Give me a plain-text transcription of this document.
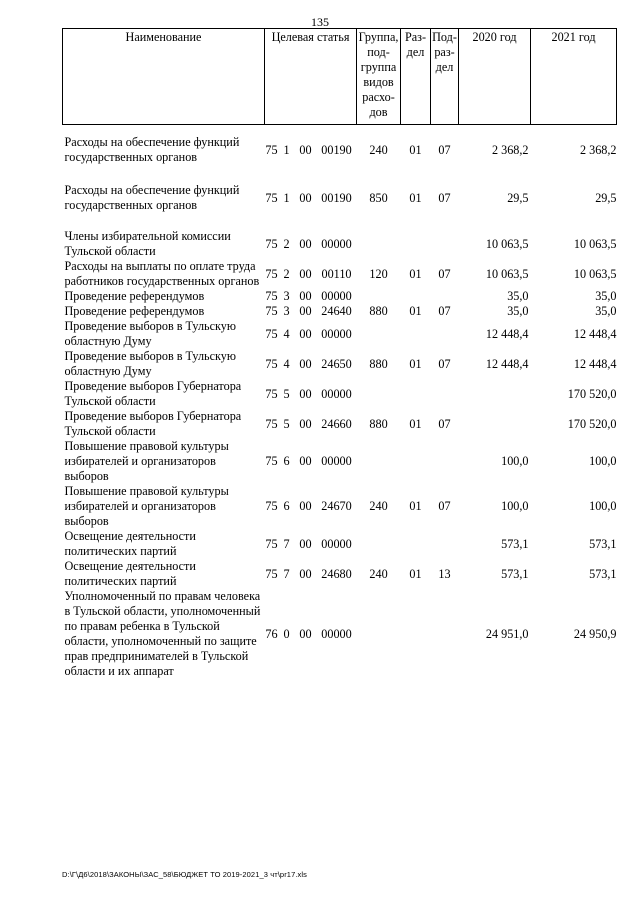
135
Наименование	Целевая статья				Группа, под-группа видов расхо-дов	Раз-дел	Под-раз-дел	2020 год	2021 год

Расходы на обеспечение функций государственных органов	75	1	00	00190	240	01	07	2 368,2	2 368,2

Расходы на обеспечение функций государственных органов	75	1	00	00190	850	01	07	29,5	29,5

Члены избирательной комиссии Тульской области	75	2	00	00000				10 063,5	10 063,5
Расходы на выплаты по оплате труда работников государственных органов	75	2	00	00110	120	01	07	10 063,5	10 063,5
Проведение референдумов	75	3	00	00000				35,0	35,0
Проведение референдумов	75	3	00	24640	880	01	07	35,0	35,0
Проведение выборов в Тульскую областную Думу	75	4	00	00000				12 448,4	12 448,4
Проведение выборов в Тульскую областную Думу	75	4	00	24650	880	01	07	12 448,4	12 448,4
Проведение выборов Губернатора Тульской области	75	5	00	00000					170 520,0
Проведение выборов Губернатора Тульской области	75	5	00	24660	880	01	07		170 520,0
Повышение правовой культуры избирателей и организаторов выборов	75	6	00	00000				100,0	100,0
Повышение правовой культуры избирателей и организаторов выборов	75	6	00	24670	240	01	07	100,0	100,0
Освещение деятельности политических партий	75	7	00	00000				573,1	573,1
Освещение деятельности политических партий	75	7	00	24680	240	01	13	573,1	573,1
Уполномоченный по правам человека в Тульской области, уполномоченный по правам ребенка в Тульской области, уполномоченный по защите прав предпринимателей в Тульской области и их аппарат	76	0	00	00000				24 951,0	24 950,9
D:\Г\Д6\2018\ЗАКОНЫ\ЗАС_58\БЮДЖЕТ ТО 2019-2021_3 чт\pr17.xls
